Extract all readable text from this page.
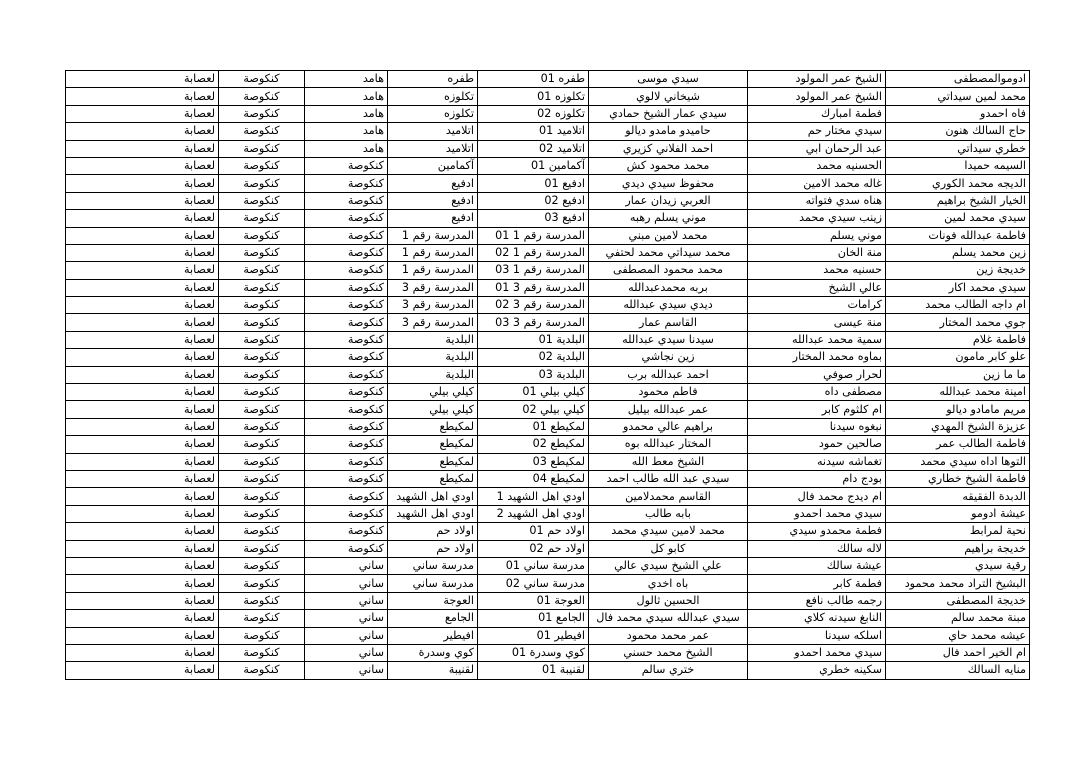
ادوموالمصطفى	الشيخ عمر المولود	سيدي موسى	طفره 01	طفره	هامد	كنكوصة	لعصابة
محمد لمين سيداتي	الشيخ عمر المولود	شيخاني لالوي	تكلوزه 01	تكلوزه	هامد	كنكوصة	لعصابة
فاه احمدو	فطمة امبارك	سيدي عمار الشيخ حمادي	تكلوزه 02	تكلوزه	هامد	كنكوصة	لعصابة
حاج السالك هنون	سيدي مختار حم	حاميدو مامدو ديالو	اتلاميد 01	اتلاميد	هامد	كنكوصة	لعصابة
خطري سيداتي	عبد الرحمان ابي	احمد الفلاني كزيري	اتلاميد 02	اتلاميد	هامد	كنكوصة	لعصابة
السيمه حميدا	الحسنيه محمد	محمد محمود كش	آكمامين 01	آكمامين	كنكوصة	كنكوصة	لعصابة
الديجه محمد الكوري	غاله محمد الامين	محفوظ سيدي ديدي	ادفيع 01	ادفيع	كنكوصة	كنكوصة	لعصابة
الخيار الشيخ براهيم	هناه سدي فتواته	العربي زيدان عمار	ادفيع 02	ادفيع	كنكوصة	كنكوصة	لعصابة
سيدي محمد لمين	زينب سيدي محمد	موني يسلم رهبه	ادفيع 03	ادفيع	كنكوصة	كنكوصة	لعصابة
فاطمة عبدالله فونات	موني يسلم	محمد لامين مبني	المدرسة رقم 1 01	المدرسة رقم 1	كنكوصة	كنكوصة	لعصابة
زين محمد يسلم	منة الخان	محمد سيداتي محمد لحتفي	المدرسة رقم 1 02	المدرسة رقم 1	كنكوصة	كنكوصة	لعصابة
خديجة زين	حسنيه محمد	محمد محمود المصطفى	المدرسة رقم 1 03	المدرسة رقم 1	كنكوصة	كنكوصة	لعصابة
سيدي محمد اكار	عالي الشيخ	بربه محمدعبدالله	المدرسة رقم 3 01	المدرسة رقم 3	كنكوصة	كنكوصة	لعصابة
ام داجه الطالب محمد	كرامات	ديدي سيدي عبدالله	المدرسة رقم 3 02	المدرسة رقم 3	كنكوصة	كنكوصة	لعصابة
جوي محمد المختار	منة عيسى	القاسم عمار	المدرسة رقم 3 03	المدرسة رقم 3	كنكوصة	كنكوصة	لعصابة
فاطمة غلام	سمية محمد عبدالله	سيدنا سيدي عبدالله	البلدية 01	البلدية	كنكوصة	كنكوصة	لعصابة
علو كابر مامون	بماوه محمد المختار	زين نجاشي	البلدية 02	البلدية	كنكوصة	كنكوصة	لعصابة
ما ما زين	لحرار صوفي	احمد عبدالله برب	البلدية 03	البلدية	كنكوصة	كنكوصة	لعصابة
امينة محمد عبدالله	مصطفى داه	فاطم محمود	كيلي بيلي 01	كيلي بيلي	كنكوصة	كنكوصة	لعصابة
مريم مامادو ديالو	ام كلثوم كابر	عمر عبدالله بيليل	كيلي بيلي 02	كيلي بيلي	كنكوصة	كنكوصة	لعصابة
عزيزة الشيخ المهدي	نبغوه سيدنا	براهيم عالي محمدو	لمكيطع 01	لمكيطع	كنكوصة	كنكوصة	لعصابة
فاطمة الطالب عمر	صالحين حمود	المختار عبدالله بوه	لمكيطع 02	لمكيطع	كنكوصة	كنكوصة	لعصابة
التوها اداه سيدي محمد	تغماشه سيدنه	الشيخ معط الله	لمكيطع 03	لمكيطع	كنكوصة	كنكوصة	لعصابة
فاطمة الشيخ خطاري	بودج دام	سيدي عبد الله طالب احمد	لمكيطع 04	لمكيطع	كنكوصة	كنكوصة	لعصابة
الدبدة الفقيقه	ام ديدج محمد فال	القاسم محمدلامين	اودي اهل الشهيد 1	اودي اهل الشهيد	كنكوصة	كنكوصة	لعصابة
عيشة ادومو	سيدي محمد احمدو	بابه طالب	اودي اهل الشهيد 2	اودي اهل الشهيد	كنكوصة	كنكوصة	لعصابة
نحية لمرابط	فطمة محمدو سيدي	محمد لامين سيدي محمد	اولاد حم 01	اولاد حم	كنكوصة	كنكوصة	لعصابة
خديجة براهيم	لاله سالك	كابو كل	اولاد حم 02	اولاد حم	كنكوصة	كنكوصة	لعصابة
رقية سيدي	عيشة سالك	علي الشيخ سيدي عالي	مدرسة ساني 01	مدرسة ساني	ساني	كنكوصة	لعصابة
البشيخ التراد محمد محمود	فطمة كابر	باه اخدي	مدرسة ساني 02	مدرسة ساني	ساني	كنكوصة	لعصابة
خديجة المصطفى	رجمه طالب نافع	الحسين ثالول	العوجة 01	العوجة	ساني	كنكوصة	لعصابة
مبنة محمد سالم	النابغ سيدنه كلاي	سيدي عبدالله سيدي محمد فال	الجامع 01	الجامع	ساني	كنكوصة	لعصابة
عيشه محمد حاي	اسلكه سيدنا	عمر محمد محمود	افيطير 01	افيطير	ساني	كنكوصة	لعصابة
ام الخير احمد فال	سيدي محمد احمدو	الشيخ محمد حسني	كوي وسدرة 01	كوي وسدرة	ساني	كنكوصة	لعصابة
منايه السالك	سكينه خطري	ختري سالم	لقنيبة 01	لقنيبة	ساني	كنكوصة	لعصابة
